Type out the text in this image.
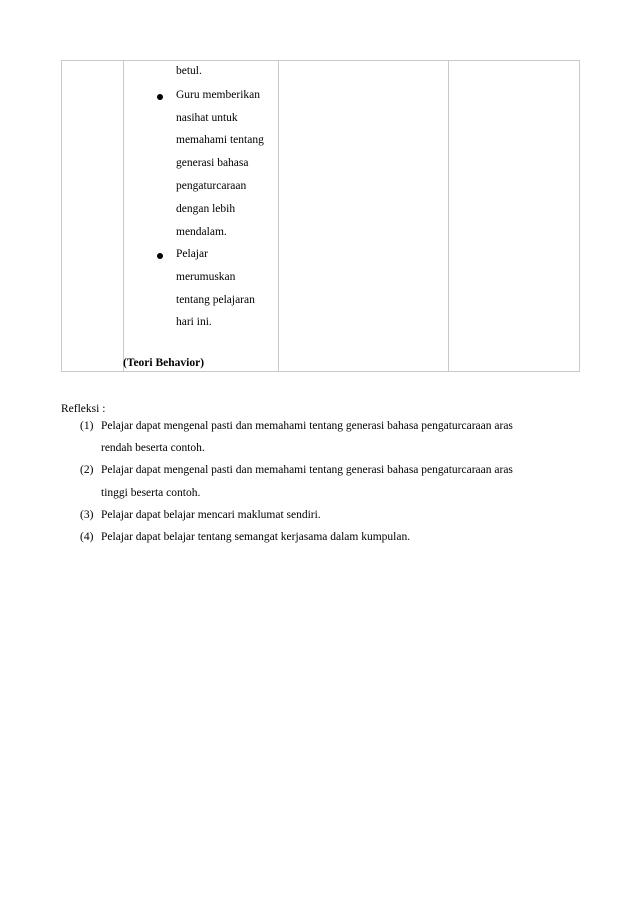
betul.
Guru memberikan
nasihat untuk
memahami tentang
generasi bahasa
pengaturcaraan
dengan lebih
mendalam.
Pelajar
merumuskan
tentang pelajaran
hari ini.
(Teori Behavior)

Refleksi :
(1) Pelajar dapat mengenal pasti dan memahami tentang generasi bahasa pengaturcaraan aras
rendah beserta contoh.
(2) Pelajar dapat mengenal pasti dan memahami tentang generasi bahasa pengaturcaraan aras
tinggi beserta contoh.
(3) Pelajar dapat belajar mencari maklumat sendiri.
(4) Pelajar dapat belajar tentang semangat kerjasama dalam kumpulan.
